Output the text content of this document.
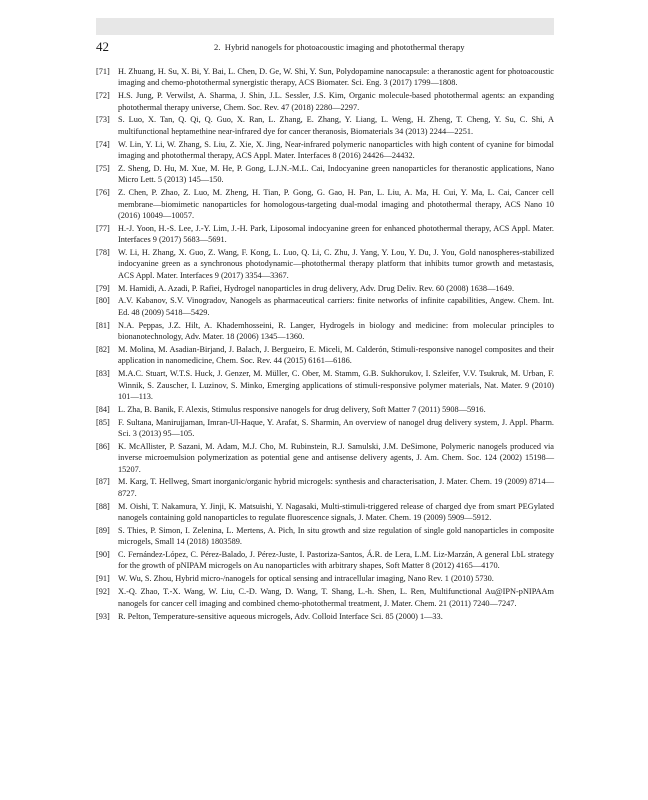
42	2. Hybrid nanogels for photoacoustic imaging and photothermal therapy
[71] H. Zhuang, H. Su, X. Bi, Y. Bai, L. Chen, D. Ge, W. Shi, Y. Sun, Polydopamine nanocapsule: a theranostic agent for photoacoustic imaging and chemo-photothermal synergistic therapy, ACS Biomater. Sci. Eng. 3 (2017) 1799—1808.
[72] H.S. Jung, P. Verwilst, A. Sharma, J. Shin, J.L. Sessler, J.S. Kim, Organic molecule-based photothermal agents: an expanding photothermal therapy universe, Chem. Soc. Rev. 47 (2018) 2280—2297.
[73] S. Luo, X. Tan, Q. Qi, Q. Guo, X. Ran, L. Zhang, E. Zhang, Y. Liang, L. Weng, H. Zheng, T. Cheng, Y. Su, C. Shi, A multifunctional heptamethine near-infrared dye for cancer theranosis, Biomaterials 34 (2013) 2244—2251.
[74] W. Lin, Y. Li, W. Zhang, S. Liu, Z. Xie, X. Jing, Near-infrared polymeric nanoparticles with high content of cyanine for bimodal imaging and photothermal therapy, ACS Appl. Mater. Interfaces 8 (2016) 24426—24432.
[75] Z. Sheng, D. Hu, M. Xue, M. He, P. Gong, L.J.N.-M.L. Cai, Indocyanine green nanoparticles for theranostic applications, Nano Micro Lett. 5 (2013) 145—150.
[76] Z. Chen, P. Zhao, Z. Luo, M. Zheng, H. Tian, P. Gong, G. Gao, H. Pan, L. Liu, A. Ma, H. Cui, Y. Ma, L. Cai, Cancer cell membrane—biomimetic nanoparticles for homologous-targeting dual-modal imaging and photothermal therapy, ACS Nano 10 (2016) 10049—10057.
[77] H.-J. Yoon, H.-S. Lee, J.-Y. Lim, J.-H. Park, Liposomal indocyanine green for enhanced photothermal therapy, ACS Appl. Mater. Interfaces 9 (2017) 5683—5691.
[78] W. Li, H. Zhang, X. Guo, Z. Wang, F. Kong, L. Luo, Q. Li, C. Zhu, J. Yang, Y. Lou, Y. Du, J. You, Gold nanospheres-stabilized indocyanine green as a synchronous photodynamic—photothermal therapy platform that inhibits tumor growth and metastasis, ACS Appl. Mater. Interfaces 9 (2017) 3354—3367.
[79] M. Hamidi, A. Azadi, P. Rafiei, Hydrogel nanoparticles in drug delivery, Adv. Drug Deliv. Rev. 60 (2008) 1638—1649.
[80] A.V. Kabanov, S.V. Vinogradov, Nanogels as pharmaceutical carriers: finite networks of infinite capabilities, Angew. Chem. Int. Ed. 48 (2009) 5418—5429.
[81] N.A. Peppas, J.Z. Hilt, A. Khademhosseini, R. Langer, Hydrogels in biology and medicine: from molecular principles to bionanotechnology, Adv. Mater. 18 (2006) 1345—1360.
[82] M. Molina, M. Asadian-Birjand, J. Balach, J. Bergueiro, E. Miceli, M. Calderón, Stimuli-responsive nanogel composites and their application in nanomedicine, Chem. Soc. Rev. 44 (2015) 6161—6186.
[83] M.A.C. Stuart, W.T.S. Huck, J. Genzer, M. Müller, C. Ober, M. Stamm, G.B. Sukhorukov, I. Szleifer, V.V. Tsukruk, M. Urban, F. Winnik, S. Zauscher, I. Luzinov, S. Minko, Emerging applications of stimuli-responsive polymer materials, Nat. Mater. 9 (2010) 101—113.
[84] L. Zha, B. Banik, F. Alexis, Stimulus responsive nanogels for drug delivery, Soft Matter 7 (2011) 5908—5916.
[85] F. Sultana, Manirujjaman, Imran-Ul-Haque, Y. Arafat, S. Sharmin, An overview of nanogel drug delivery system, J. Appl. Pharm. Sci. 3 (2013) 95—105.
[86] K. McAllister, P. Sazani, M. Adam, M.J. Cho, M. Rubinstein, R.J. Samulski, J.M. DeSimone, Polymeric nanogels produced via inverse microemulsion polymerization as potential gene and antisense delivery agents, J. Am. Chem. Soc. 124 (2002) 15198—15207.
[87] M. Karg, T. Hellweg, Smart inorganic/organic hybrid microgels: synthesis and characterisation, J. Mater. Chem. 19 (2009) 8714—8727.
[88] M. Oishi, T. Nakamura, Y. Jinji, K. Matsuishi, Y. Nagasaki, Multi-stimuli-triggered release of charged dye from smart PEGylated nanogels containing gold nanoparticles to regulate fluorescence signals, J. Mater. Chem. 19 (2009) 5909—5912.
[89] S. Thies, P. Simon, I. Zelenina, L. Mertens, A. Pich, In situ growth and size regulation of single gold nanoparticles in composite microgels, Small 14 (2018) 1803589.
[90] C. Fernández-López, C. Pérez-Balado, J. Pérez-Juste, I. Pastoriza-Santos, Á.R. de Lera, L.M. Liz-Marzán, A general LbL strategy for the growth of pNIPAM microgels on Au nanoparticles with arbitrary shapes, Soft Matter 8 (2012) 4165—4170.
[91] W. Wu, S. Zhou, Hybrid micro-/nanogels for optical sensing and intracellular imaging, Nano Rev. 1 (2010) 5730.
[92] X.-Q. Zhao, T.-X. Wang, W. Liu, C.-D. Wang, D. Wang, T. Shang, L.-h. Shen, L. Ren, Multifunctional Au@IPN-pNIPAAm nanogels for cancer cell imaging and combined chemo-photothermal treatment, J. Mater. Chem. 21 (2011) 7240—7247.
[93] R. Pelton, Temperature-sensitive aqueous microgels, Adv. Colloid Interface Sci. 85 (2000) 1—33.
